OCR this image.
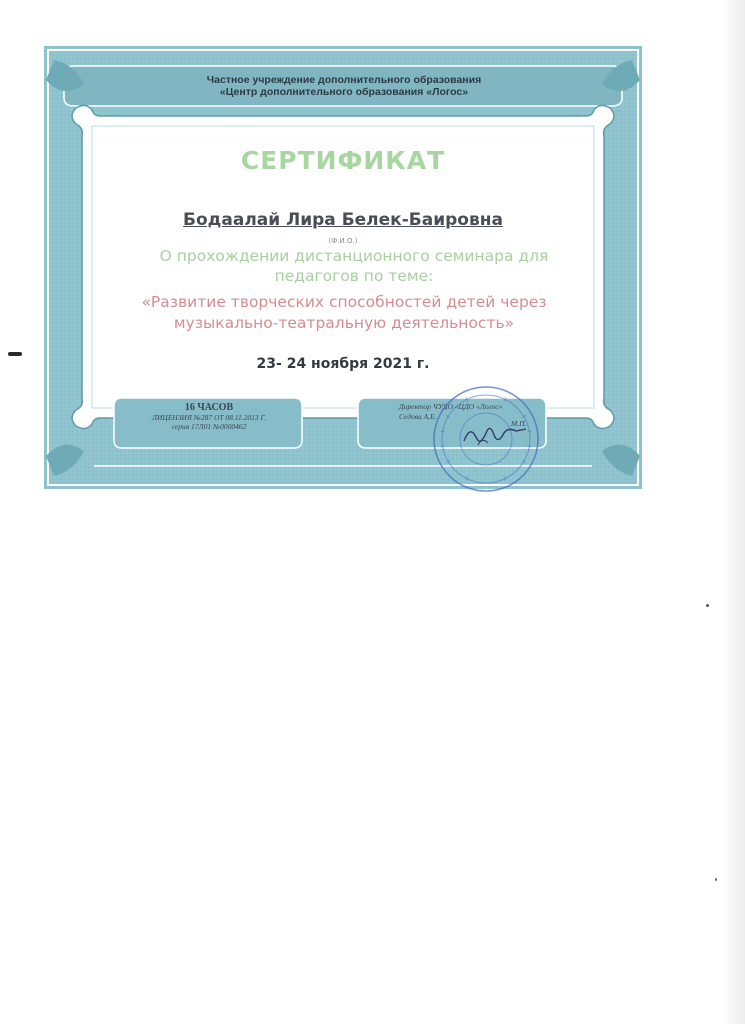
Частное учреждение дополнительного образования
«Центр дополнительного образования «Логос»
СЕРТИФИКАТ
Бодаалай Лира Белек-Баировна
(Ф.И.О.)
О прохождении дистанционного семинара для
педагогов по теме:
«Развитие творческих способностей детей через
музыкально-театральную деятельность»
23- 24 ноября 2021 г.
16 ЧАСОВ
ЛИЦЕНЗИЯ №287 ОТ 08.11.2013 Г.
серия 17Л01 №0000462
Директор ЧУДО «ЦДО «Логос»
Седова А.Е.
М.П.
